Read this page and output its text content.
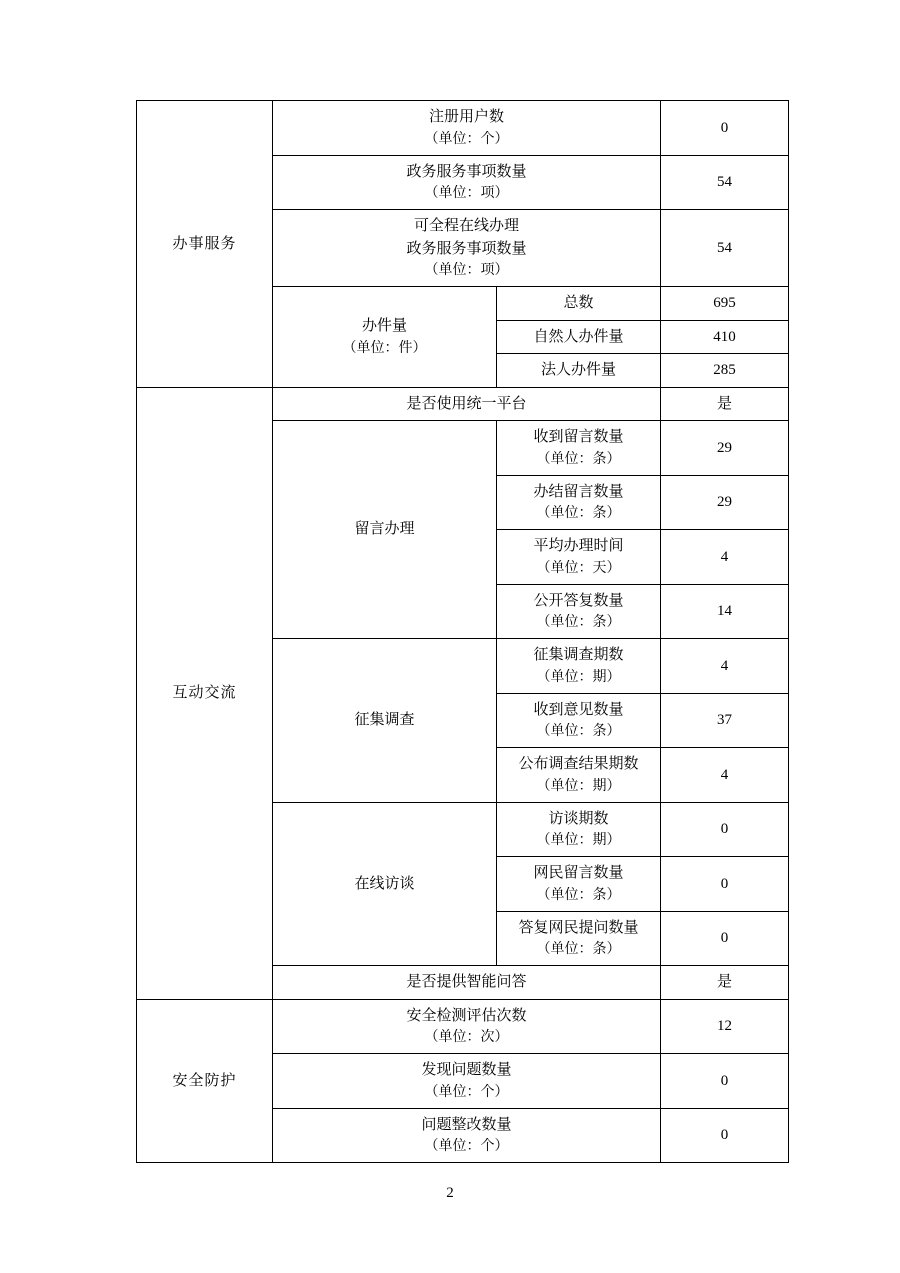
办事服务	注册用户数
（单位：个）		0
	政务服务事项数量
（单位：项）		54
	可全程在线办理
政务服务事项数量
（单位：项）		54
	办件量
（单位：件）	总数	695
		自然人办件量	410
		法人办件量	285
互动交流	是否使用统一平台		是
	留言办理	收到留言数量
（单位：条）	29
		办结留言数量
（单位：条）	29
		平均办理时间
（单位：天）	4
		公开答复数量
（单位：条）	14
	征集调查	征集调查期数
（单位：期）	4
		收到意见数量
（单位：条）	37
		公布调查结果期数
（单位：期）	4
	在线访谈	访谈期数
（单位：期）	0
		网民留言数量
（单位：条）	0
		答复网民提问数量
（单位：条）	0
	是否提供智能问答		是
安全防护	安全检测评估次数
（单位：次）		12
	发现问题数量
（单位：个）		0
	问题整改数量
（单位：个）		0
2
